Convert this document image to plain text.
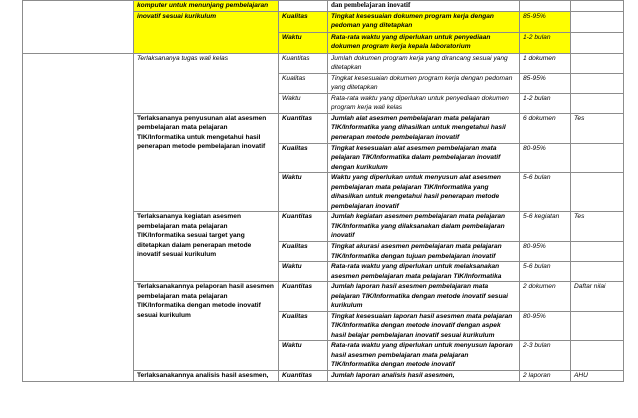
	komputer untuk menunjang pembelajaran		dan pembelajaran inovatif		
	inovatif sesuai kurikulum	Kualitas	Tingkat kesesuaian dokumen program kerja dengan pedoman yang ditetapkan	85-95%	
		Waktu	Rata-rata waktu yang diperlukan untuk penyediaan dokumen program kerja kepala laboratorium	1-2 bulan	
	Terlaksananya tugas wali kelas	Kuantitas	Jumlah dokumen program kerja yang dirancang sesuai yang ditetapkan	1 dokumen	
		Kualitas	Tingkat kesesuaian dokumen program kerja dengan pedoman yang ditetapkan	85-95%	
		Waktu	Rata-rata waktu yang diperlukan untuk penyediaan dokumen program kerja wali kelas	1-2 bulan	
	Terlaksananya penyusunan alat asesmen pembelajaran mata pelajaran TIK/Informatika untuk mengetahui hasil penerapan metode pembelajaran inovatif	Kuantitas	Jumlah alat asesmen pembelajaran mata pelajaran TIK/Informatika yang dihasilkan untuk mengetahui hasil penerapan metode pembelajaran inovatif	6 dokumen	Tes
		Kualitas	Tingkat kesesuaian alat asesmen pembelajaran mata pelajaran TIK/Informatika dalam pembelajaran inovatif dengan kurikulum	80-95%	
		Waktu	Waktu yang diperlukan untuk menyusun alat asesmen pembelajaran mata pelajaran TIK/Informatika yang dihasilkan untuk mengetahui hasil penerapan metode pembelajaran inovatif	5-6 bulan	
	Terlaksananya kegiatan asesmen pembelajaran mata pelajaran TIK/Informatika sesuai target yang ditetapkan dalam penerapan metode inovatif sesuai kurikulum	Kuantitas	Jumlah kegiatan asesmen pembelajaran mata pelajaran TIK/Informatika yang dilaksanakan dalam pembelajaran inovatif	5-6 kegiatan	Tes
		Kualitas	Tingkat akurasi asesmen pembelajaran mata pelajaran TIK/Informatika dengan tujuan pembelajaran inovatif	80-95%	
		Waktu	Rata-rata waktu yang diperlukan untuk melaksanakan asesmen pembelajaran mata pelajaran TIK/Informatika	5-6 bulan	
	Terlaksanakannya pelaporan hasil asesmen pembelajaran mata pelajaran TIK/Informatika dengan metode inovatif sesuai kurikulum	Kuantitas	Jumlah laporan hasil asesmen pembelajaran mata pelajaran TIK/Informatika dengan metode inovatif sesuai kurikulum	2 dokumen	Daftar nilai
		Kualitas	Tingkat kesesuaian laporan hasil asesmen mata pelajaran TIK/Informatika dengan metode inovatif dengan aspek hasil belajar pembelajaran inovatif sesuai kurikulum	80-95%	
		Waktu	Rata-rata waktu yang diperlukan untuk menyusun laporan hasil asesmen pembelajaran mata pelajaran TIK/Informatika dengan metode inovatif	2-3 bulan	
	Terlaksanakannya analisis hasil asesmen,	Kuantitas	Jumlah laporan analisis hasil asesmen,	2 laporan	AHU
